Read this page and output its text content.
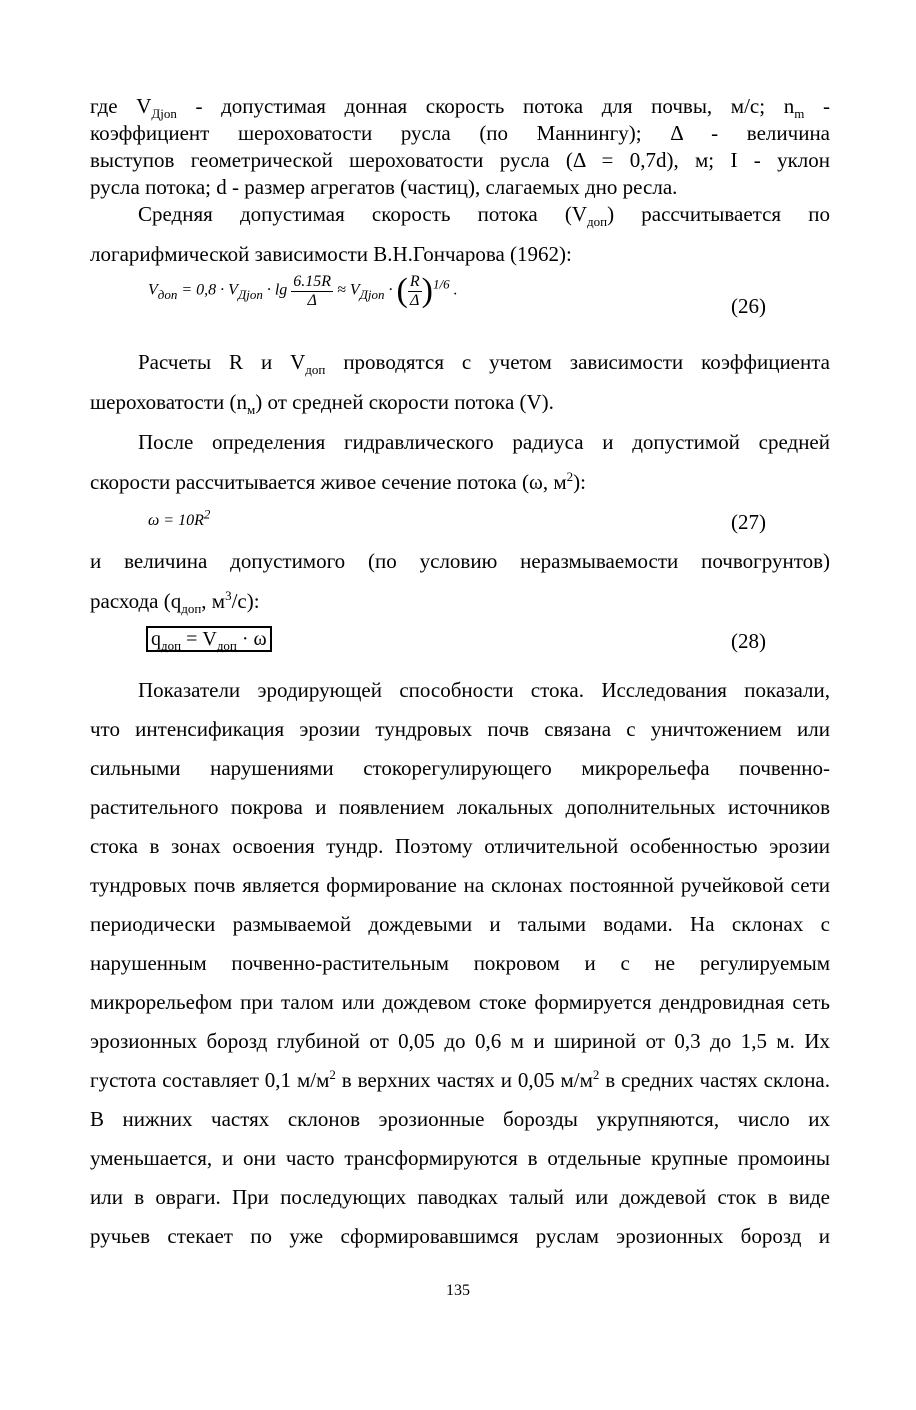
где $V_{Дjon}$ - допустимая донная скорость потока для почвы, м/с; $n_m$ -
коэффициент шероховатости русла (по Маннингу); Δ - величина
выступов геометрической шероховатости русла (Δ = 0,7d), м; I - уклон
русла потока; d - размер агрегатов (частиц), слагаемых дно ресла.
Средняя допустимая скорость потока $(V_{доп})$ рассчитывается по
логарифмической зависимости В.Н.Гончарова (1962):
$V_{доп} = 0,8 \cdot V_{Дjon} \cdot \lg \frac{6.15R}{\Delta} \approx V_{Дjon}$ · ( $\frac{R}{\Delta} )^{1/6}$ .
(26)
Расчеты R и $V_{доп}$ проводятся с учетом зависимости коэффициента
шероховатости $(n_м)$ от средней скорости потока (V).
После определения гидравлического радиуса и допустимой средней
скорости рассчитывается живое сечение потока (ω, $м^2$):
$\omega = 10R^2$	(27)
и величина допустимого (по условию неразмываемости почвогрунтов)
расхода ($q_{доп}$, $м^3/с$):
$q_{доп} = V_{доп} \cdot \omega$	(28)
Показатели эродирующей способности стока. Исследования показали,
что интенсификация эрозии тундровых почв связана с уничтожением или
сильными нарушениями стокорегулирующего микрорельефа почвенно-
растительного покрова и появлением локальных дополнительных источников
стока в зонах освоения тундр. Поэтому отличительной особенностью эрозии
тундровых почв является формирование на склонах постоянной ручейковой сети
периодически размываемой дождевыми и талыми водами. На склонах с
нарушенным почвенно-растительным покровом и с не регулируемым
микрорельефом при талом или дождевом стоке формируется дендровидная сеть
эрозионных борозд глубиной от 0,05 до 0,6 м и шириной от 0,3 до 1,5 м. Их
густота составляет 0,1 $м/м^2$ в верхних частях и 0,05 $м/м^2$ в средних частях склона.
В нижних частях склонов эрозионные борозды укрупняются, число их
уменьшается, и они часто трансформируются в отдельные крупные промоины
или в овраги. При последующих паводках талый или дождевой сток в виде
ручьев стекает по уже сформировавшимся руслам эрозионных борозд и
135
